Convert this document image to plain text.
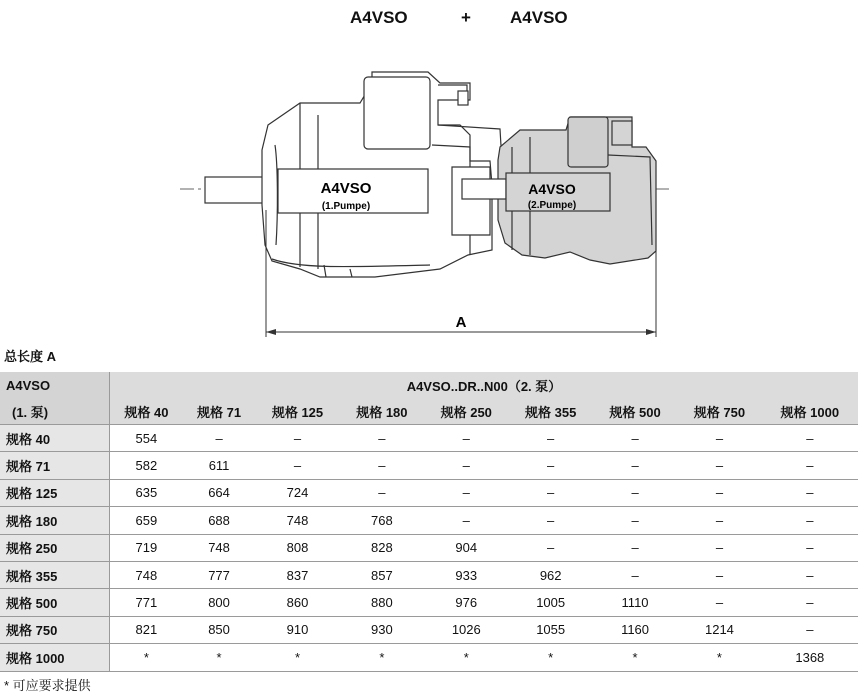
A4VSO	+ A4VSO
A4VSO
(1.Pumpe)
A4VSO
(2.Pumpe)
A
总长度 A
A4VSO	A4VSO..DR..N00（2. 泵）								
(1. 泵)	规格 40	规格 71	规格 125	规格 180	规格 250	规格 355	规格 500	规格 750	规格 1000
规格 40	554	–	–	–	–	–	–	–	–
规格 71	582	611	–	–	–	–	–	–	–
规格 125	635	664	724	–	–	–	–	–	–
规格 180	659	688	748	768	–	–	–	–	–
规格 250	719	748	808	828	904	–	–	–	–
规格 355	748	777	837	857	933	962	–	–	–
规格 500	771	800	860	880	976	1005	1110	–	–
规格 750	821	850	910	930	1026	1055	1160	1214	–
规格 1000	*	*	*	*	*	*	*	*	1368
* 可应要求提供
